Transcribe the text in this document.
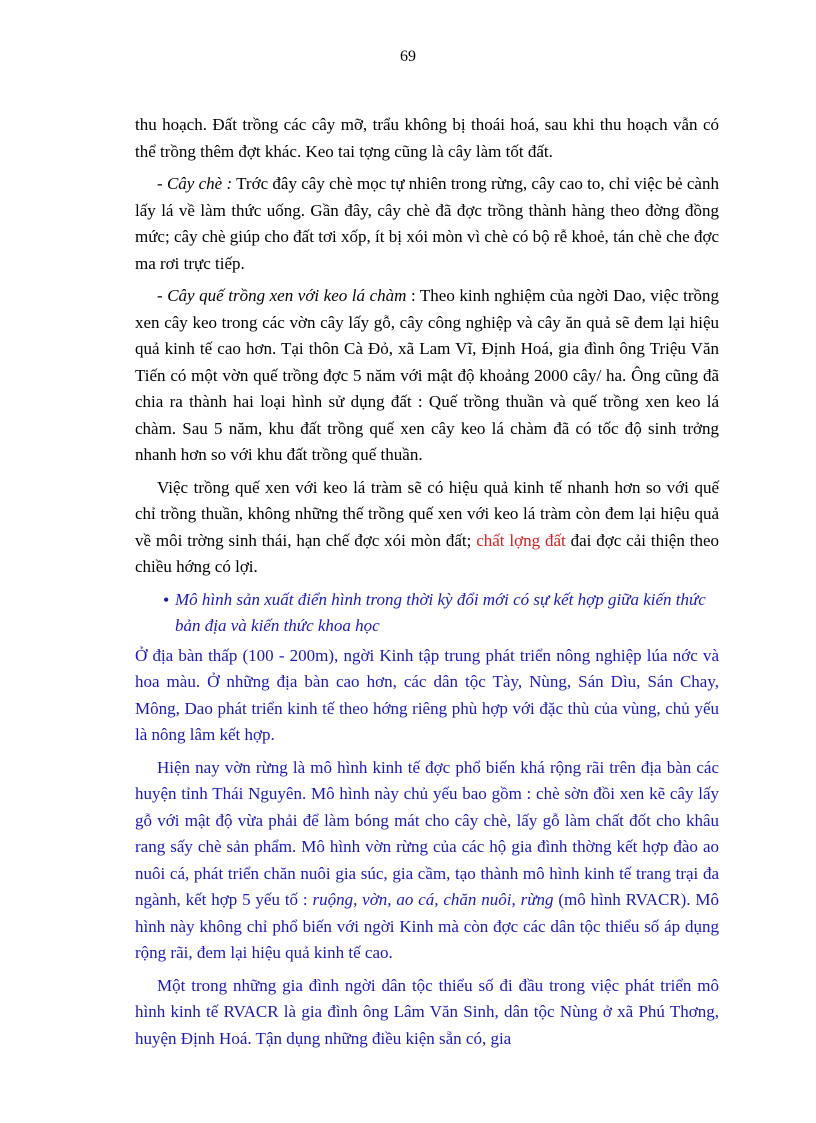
69

thu hoạch. Đất trồng các cây mỡ, trẩu không bị thoái hoá, sau khi thu hoạch vẫn có thể trồng thêm đợt khác. Keo tai tợng cũng là cây làm tốt đất.

- Cây chè : Trớc đây cây chè mọc tự nhiên trong rừng, cây cao to, chỉ việc bẻ cành lấy lá về làm thức uống. Gần đây, cây chè đã đợc trồng thành hàng theo đờng đồng mức; cây chè giúp cho đất tơi xốp, ít bị xói mòn vì chè có bộ rễ khoẻ, tán chè che đợc ma rơi trực tiếp.

- Cây quế trồng xen với keo lá chàm : Theo kinh nghiệm của ngời Dao, việc trồng xen cây keo trong các vờn cây lấy gỗ, cây công nghiệp và cây ăn quả sẽ đem lại hiệu quả kinh tế cao hơn. Tại thôn Cà Đỏ, xã Lam Vĩ, Định Hoá, gia đình ông Triệu Văn Tiến có một vờn quế trồng đợc 5 năm với mật độ khoảng 2000 cây/ ha. Ông cũng đã chia ra thành hai loại hình sử dụng đất : Quế trồng thuần và quế trồng xen keo lá chàm. Sau 5 năm, khu đất trồng quế xen cây keo lá chàm đã có tốc độ sinh trởng nhanh hơn so với khu đất trồng quế thuần.

Việc trồng quế xen với keo lá tràm sẽ có hiệu quả kinh tế nhanh hơn so với quế chỉ trồng thuần, không những thế trồng quế xen với keo lá tràm còn đem lại hiệu quả về môi trờng sinh thái, hạn chế đợc xói mòn đất; chất lợng đất đai đợc cải thiện theo chiều hớng có lợi.

•
Mô hình sản xuất điển hình trong thời kỳ đổi mới có sự kết hợp giữa kiến thức bản địa và kiến thức khoa học

Ở địa bàn thấp (100 - 200m), ngời Kinh tập trung phát triển nông nghiệp lúa nớc và hoa màu. Ở những địa bàn cao hơn, các dân tộc Tày, Nùng, Sán Dìu, Sán Chay, Mông, Dao phát triển kinh tế theo hớng riêng phù hợp với đặc thù của vùng, chủ yếu là nông lâm kết hợp.

Hiện nay vờn rừng là mô hình kinh tế đợc phổ biến khá rộng rãi trên địa bàn các huyện tỉnh Thái Nguyên. Mô hình này chủ yếu bao gồm : chè sờn đồi xen kẽ cây lấy gỗ với mật độ vừa phải để làm bóng mát cho cây chè, lấy gỗ làm chất đốt cho khâu rang sấy chè sản phẩm. Mô hình vờn rừng của các hộ gia đình thờng kết hợp đào ao nuôi cá, phát triển chăn nuôi gia súc, gia cầm, tạo thành mô hình kinh tế trang trại đa ngành, kết hợp 5 yếu tố : ruộng, vờn, ao cá, chăn nuôi, rừng (mô hình RVACR). Mô hình này không chỉ phổ biến với ngời Kinh mà còn đợc các dân tộc thiểu số áp dụng rộng rãi, đem lại hiệu quả kinh tế cao.

Một trong những gia đình ngời dân tộc thiểu số đi đầu trong việc phát triển mô hình kinh tế RVACR là gia đình ông Lâm Văn Sinh, dân tộc Nùng ở xã Phú Thơng, huyện Định Hoá. Tận dụng những điều kiện sẵn có, gia
